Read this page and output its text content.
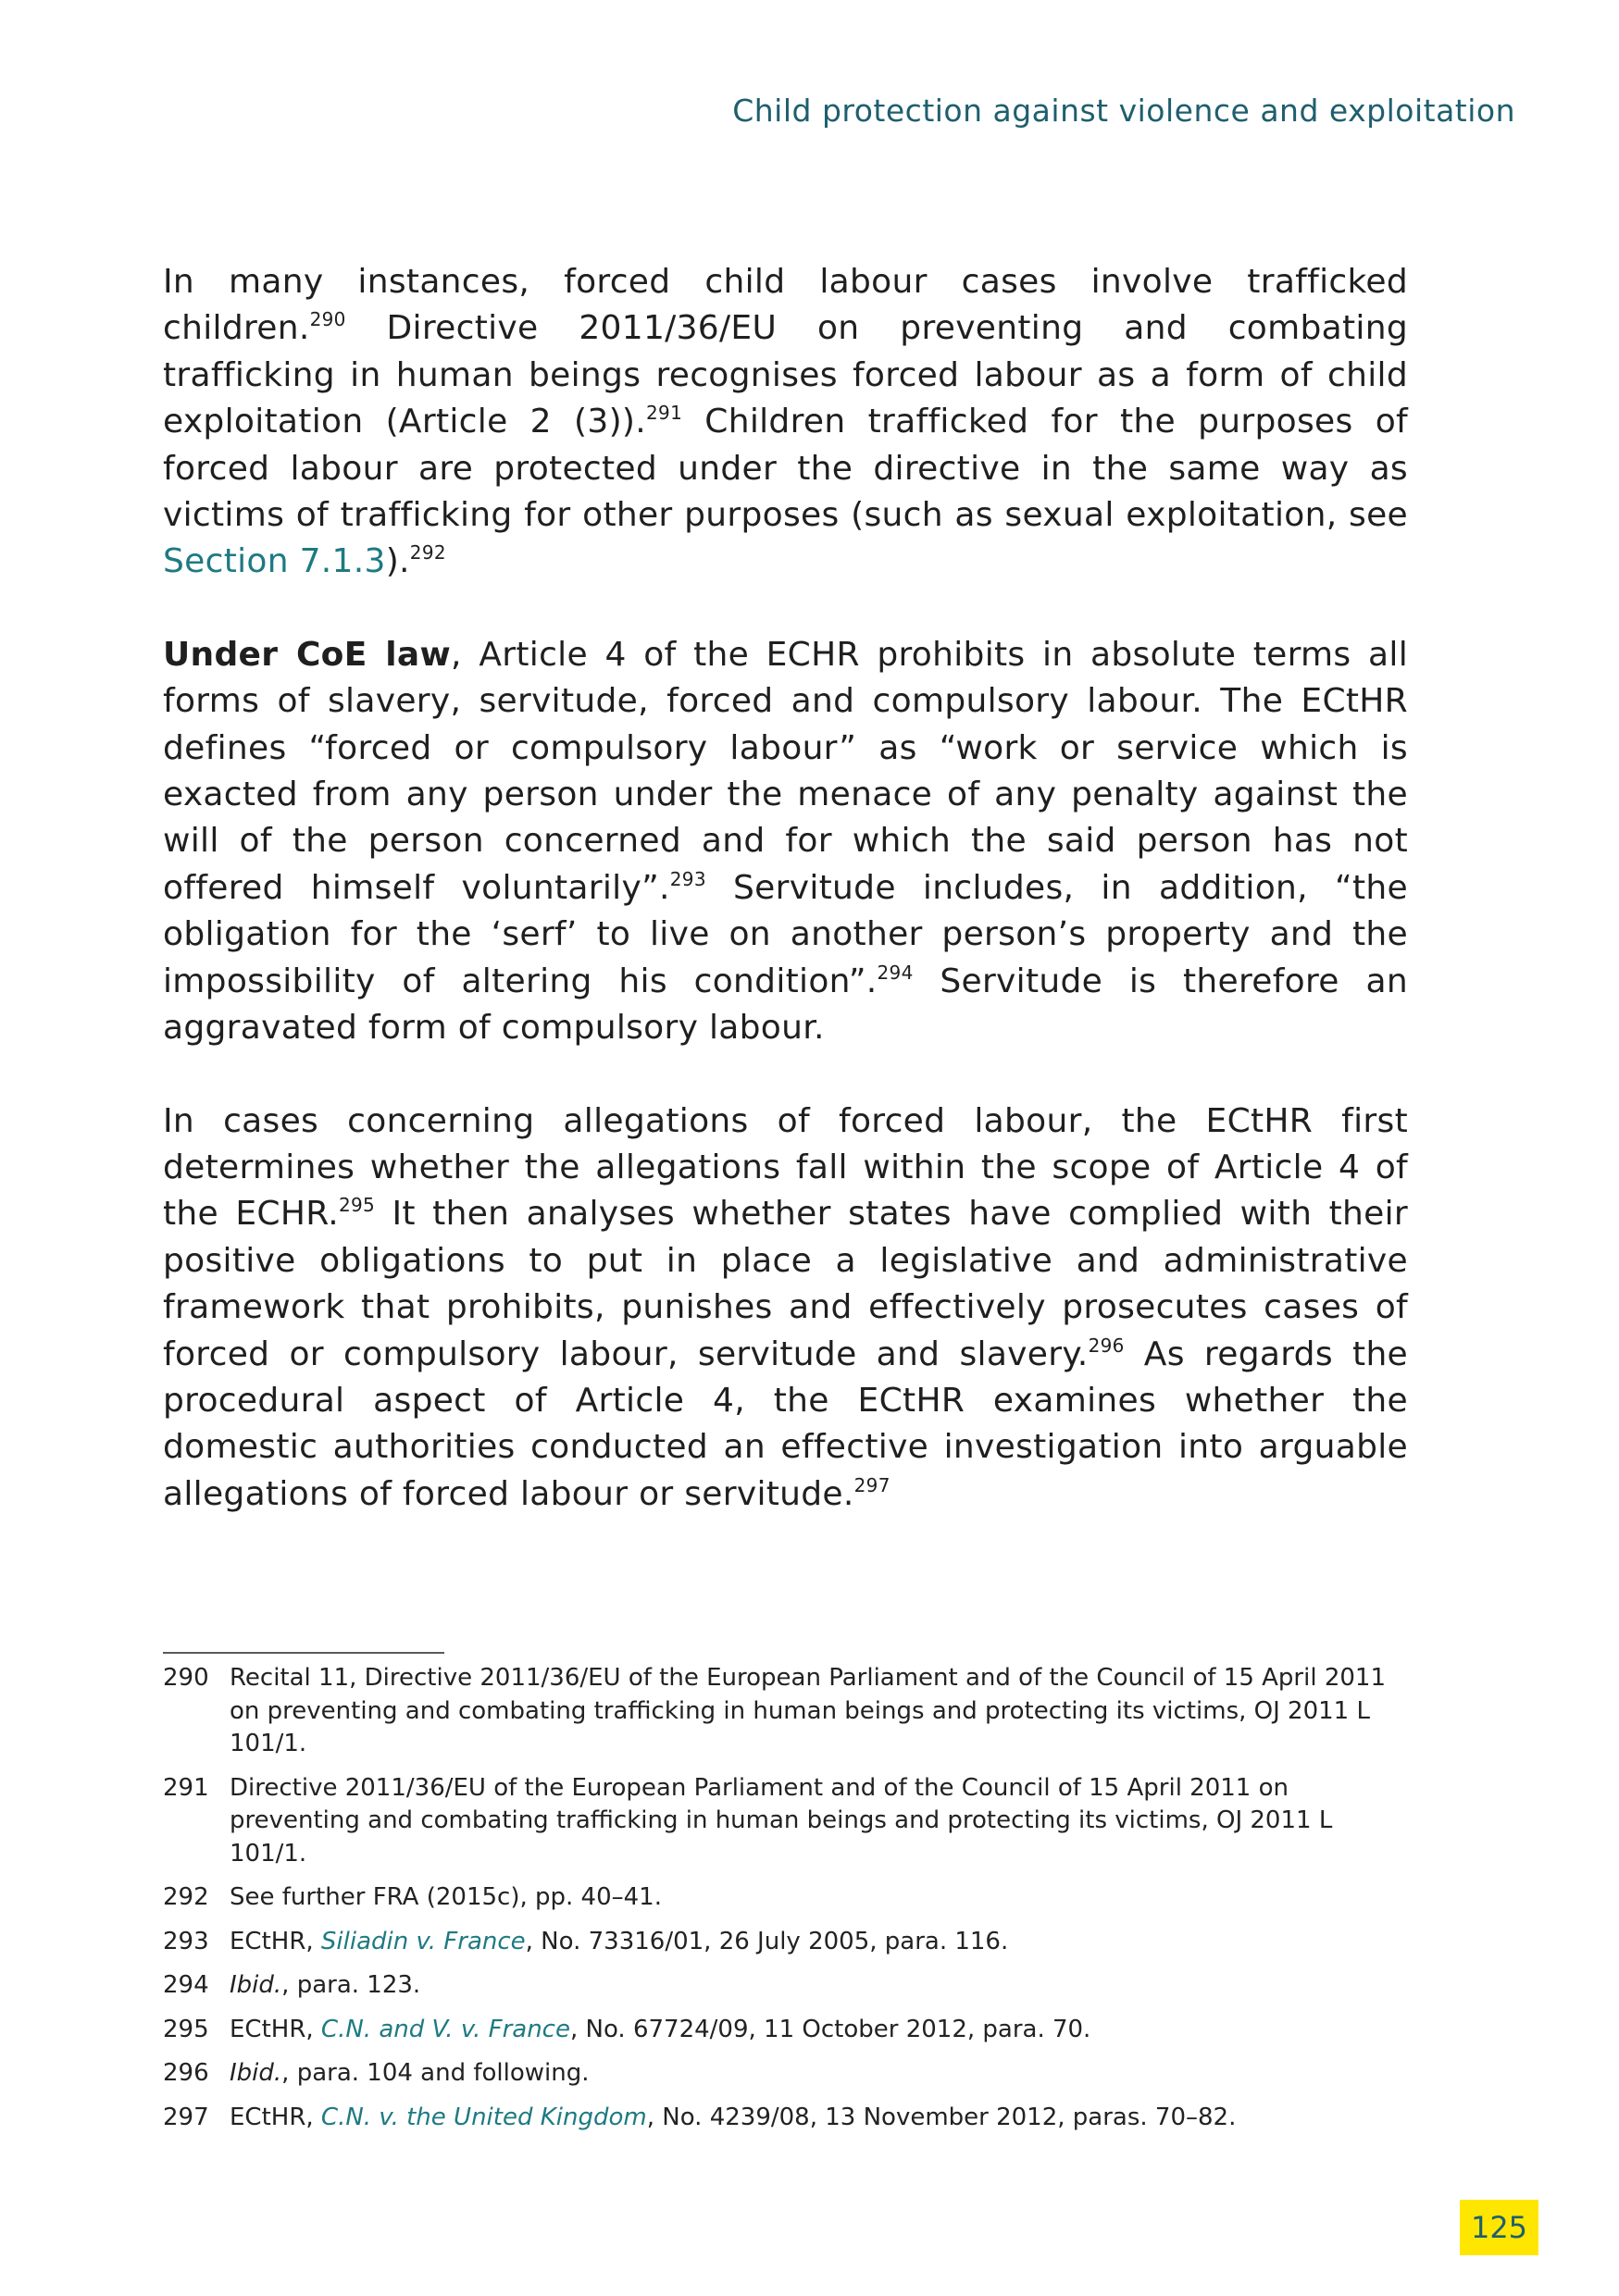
Child protection against violence and exploitation

In many instances, forced child labour cases involve trafficked children.$^{290}$ Directive 2011/36/EU on preventing and combating trafficking in human beings recognises forced labour as a form of child exploitation (Article 2 (3)).$^{291}$ Children trafficked for the purposes of forced labour are protected under the directive in the same way as victims of trafficking for other purposes (such as sexual exploitation, see Section 7.1.3).$^{292}$

Under CoE law, Article 4 of the ECHR prohibits in absolute terms all forms of slavery, servitude, forced and compulsory labour. The ECtHR defines “forced or compulsory labour” as “work or service which is exacted from any person under the menace of any penalty against the will of the person concerned and for which the said person has not offered himself voluntarily”.$^{293}$ Servitude includes, in addition, “the obligation for the ‘serf’ to live on another person’s property and the impossibility of altering his condition”.$^{294}$ Servitude is therefore an aggravated form of compulsory labour.

In cases concerning allegations of forced labour, the ECtHR first determines whether the allegations fall within the scope of Article 4 of the ECHR.$^{295}$ It then analyses whether states have complied with their positive obligations to put in place a legislative and administrative framework that prohibits, punishes and effectively prosecutes cases of forced or compulsory labour, servitude and slavery.$^{296}$ As regards the procedural aspect of Article 4, the ECtHR examines whether the domestic authorities conducted an effective investigation into arguable allegations of forced labour or servitude.$^{297}$

290 Recital 11, Directive 2011/36/EU of the European Parliament and of the Council of 15 April 2011 on preventing and combating trafficking in human beings and protecting its victims, OJ 2011 L 101/1.
291 Directive 2011/36/EU of the European Parliament and of the Council of 15 April 2011 on preventing and combating trafficking in human beings and protecting its victims, OJ 2011 L 101/1.
292 See further FRA (2015c), pp. 40–41.
293 ECtHR, Siliadin v. France, No. 73316/01, 26 July 2005, para. 116.
294 Ibid., para. 123.
295 ECtHR, C.N. and V. v. France, No. 67724/09, 11 October 2012, para. 70.
296 Ibid., para. 104 and following.
297 ECtHR, C.N. v. the United Kingdom, No. 4239/08, 13 November 2012, paras. 70–82.
125
